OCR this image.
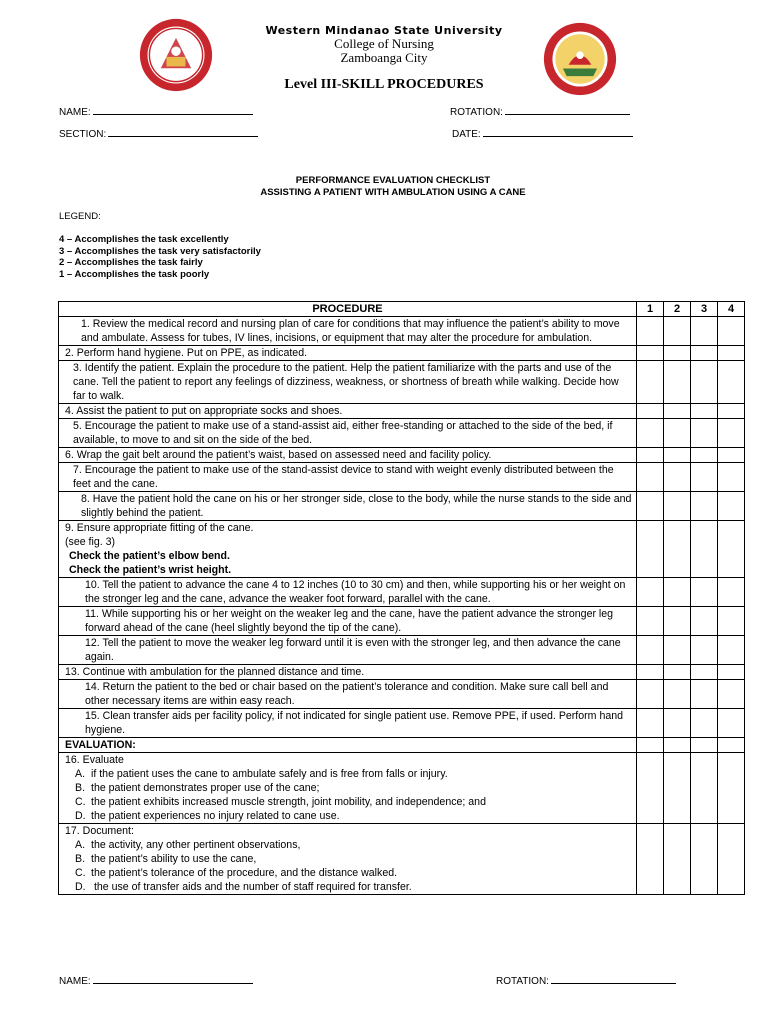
Western Mindanao State University
College of Nursing
Zamboanga City
Level III-SKILL PROCEDURES
NAME:	ROTATION:
SECTION:	DATE:
PERFORMANCE EVALUATION CHECKLIST
ASSISTING A PATIENT WITH AMBULATION USING A CANE
LEGEND:
4 – Accomplishes the task excellently
3 – Accomplishes the task very satisfactorily
2 – Accomplishes the task fairly
1 – Accomplishes the task poorly
PROCEDURE	1	2	3	4
1. Review the medical record and nursing plan of care for conditions that may influence the patient’s ability to move and ambulate. Assess for tubes, IV lines, incisions, or equipment that may alter the procedure for ambulation.				
2. Perform hand hygiene. Put on PPE, as indicated.				
3. Identify the patient. Explain the procedure to the patient. Help the patient familiarize with the parts and use of the cane. Tell the patient to report any feelings of dizziness, weakness, or shortness of breath while walking. Decide how far to walk.				
4. Assist the patient to put on appropriate socks and shoes.				
5. Encourage the patient to make use of a stand-assist aid, either free-standing or attached to the side of the bed, if available, to move to and sit on the side of the bed.				
6. Wrap the gait belt around the patient’s waist, based on assessed need and facility policy.				
7. Encourage the patient to make use of the stand-assist device to stand with weight evenly distributed between the feet and the cane.				
8. Have the patient hold the cane on his or her stronger side, close to the body, while the nurse stands to the side and slightly behind the patient.				

9. Ensure appropriate fitting of the cane.
(see fig. 3)
Check the patient’s elbow bend.
Check the patient’s wrist height.				

10. Tell the patient to advance the cane 4 to 12 inches (10 to 30 cm) and then, while supporting his or her weight on the stronger leg and the cane, advance the weaker foot forward, parallel with the cane.				
11. While supporting his or her weight on the weaker leg and the cane, have the patient advance the stronger leg forward ahead of the cane (heel slightly beyond the tip of the cane).				
12. Tell the patient to move the weaker leg forward until it is even with the stronger leg, and then advance the cane again.				
13. Continue with ambulation for the planned distance and time.				
14. Return the patient to the bed or chair based on the patient’s tolerance and condition. Make sure call bell and other necessary items are within easy reach.				
15. Clean transfer aids per facility policy, if not indicated for single patient use. Remove PPE, if used. Perform hand hygiene.				
EVALUATION:				

16. Evaluate
A. if the patient uses the cane to ambulate safely and is free from falls or injury.
B. the patient demonstrates proper use of the cane;
C. the patient exhibits increased muscle strength, joint mobility, and independence; and
D. the patient experiences no injury related to cane use.				

17. Document:
A. the activity, any other pertinent observations,
B. the patient’s ability to use the cane,
C. the patient’s tolerance of the procedure, and the distance walked.
D. the use of transfer aids and the number of staff required for transfer.				

NAME:	ROTATION:
